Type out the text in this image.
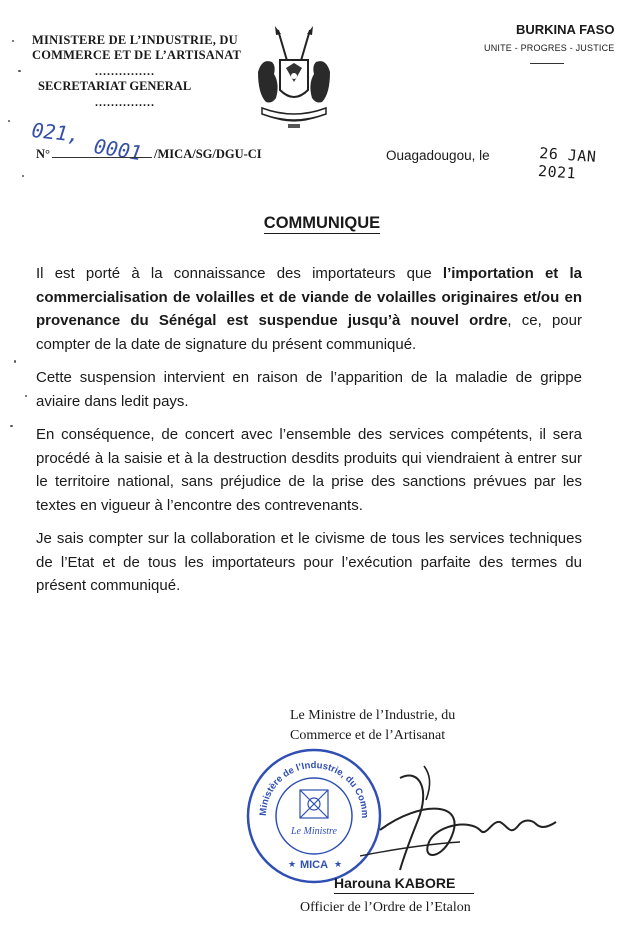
MINISTERE DE L’INDUSTRIE, DU
COMMERCE ET DE L’ARTISANAT
...............
SECRETARIAT GENERAL
...............
BURKINA FASO
UNITE - PROGRES - JUSTICE
021,
0001
N°	/MICA/SG/DGU-CI	Ouagadougou, le	26 JAN 2021
COMMUNIQUE

Il est porté à la connaissance des importateurs que l’importation et la commercialisation de volailles et de viande de volailles originaires et/ou en provenance du Sénégal est suspendue jusqu’à nouvel ordre, ce, pour compter de la date de signature du présent communiqué.

Cette suspension intervient en raison de l’apparition de la maladie de grippe aviaire dans ledit pays.

En conséquence, de concert avec l’ensemble des services compétents, il sera procédé à la saisie et à la destruction desdits produits qui viendraient à entrer sur le territoire national, sans préjudice de la prise des sanctions prévues par les textes en vigueur à l’encontre des contrevenants.

Je sais compter sur la collaboration et le civisme de tous les services techniques de l’Etat et de tous les importateurs pour l’exécution parfaite des termes du présent communiqué.

Le Ministre de l’Industrie, du
Commerce et de l’Artisanat
Ministère de l’Industrie, du Comm
Le Ministre
MICA
★	★
Harouna KABORE
Officier de l’Ordre de l’Etalon
